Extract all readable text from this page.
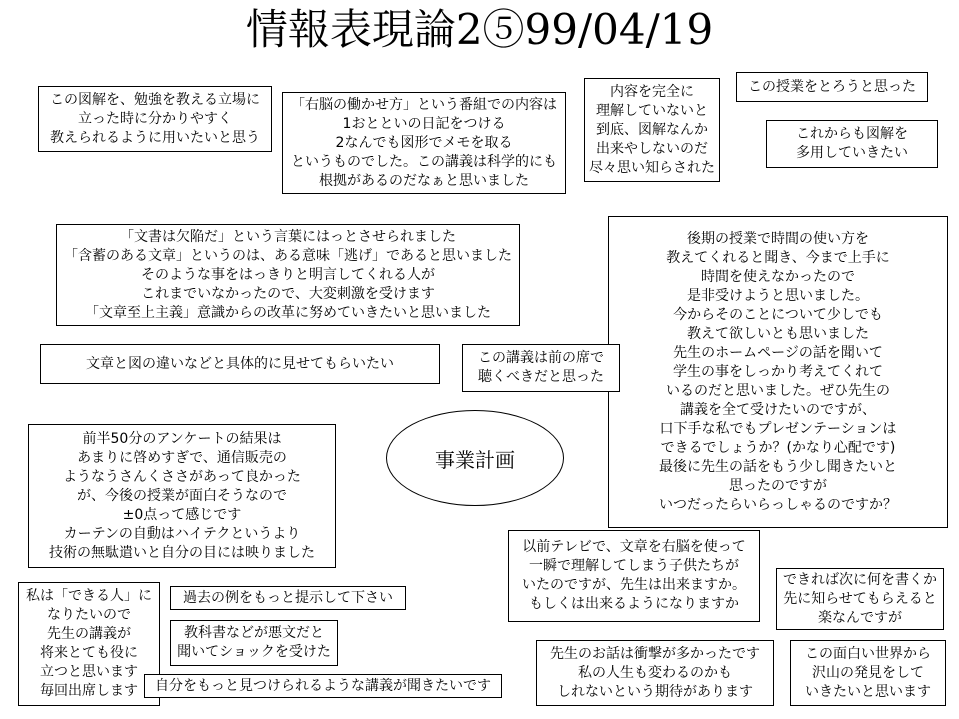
情報表現論2⑤99/04/19
この図解を、勉強を教える立場に
立った時に分かりやすく
教えられるように用いたいと思う
「右脳の働かせ方」という番組での内容は
1おとといの日記をつける
2なんでも図形でメモを取る
というものでした。この講義は科学的にも
根拠があるのだなぁと思いました
内容を完全に
理解していないと
到底、図解なんか
出来やしないのだ
尽々思い知らされた
この授業をとろうと思った
これからも図解を
多用していきたい
「文書は欠陥だ」という言葉にはっとさせられました
「含蓄のある文章」というのは、ある意味「逃げ」であると思いました
そのような事をはっきりと明言してくれる人が
これまでいなかったので、大変刺激を受けます
「文章至上主義」意識からの改革に努めていきたいと思いました
後期の授業で時間の使い方を
教えてくれると聞き、今まで上手に
時間を使えなかったので
是非受けようと思いました。
今からそのことについて少しでも
教えて欲しいとも思いました
先生のホームページの話を聞いて
学生の事をしっかり考えてくれて
いるのだと思いました。ぜひ先生の
講義を全て受けたいのですが、
口下手な私でもプレゼンテーションは
できるでしょうか？(かなり心配です)
最後に先生の話をもう少し聞きたいと
思ったのですが
いつだったらいらっしゃるのですか？
文章と図の違いなどと具体的に見せてもらいたい	この講義は前の席で
聴くべきだと思った
事業計画
前半50分のアンケートの結果は
あまりに啓めすぎで、通信販売の
ようなうさんくささがあって良かった
が、今後の授業が面白そうなので
±0点って感じです
カーテンの自動はハイテクというより
技術の無駄遣いと自分の目には映りました	以前テレビで、文章を右脳を使って
一瞬で理解してしまう子供たちが
いたのですが、先生は出来ますか。
もしくは出来るようになりますか
できれば次に何を書くか
先に知らせてもらえると
楽なんですが
私は「できる人」に
なりたいので
先生の講義が
将来とても役に
立つと思います
毎回出席します
過去の例をもっと提示して下さい
教科書などが悪文だと
聞いてショックを受けた
自分をもっと見つけられるような講義が聞きたいです
先生のお話は衝撃が多かったです
私の人生も変わるのかも
しれないという期待があります
この面白い世界から
沢山の発見をして
いきたいと思います
